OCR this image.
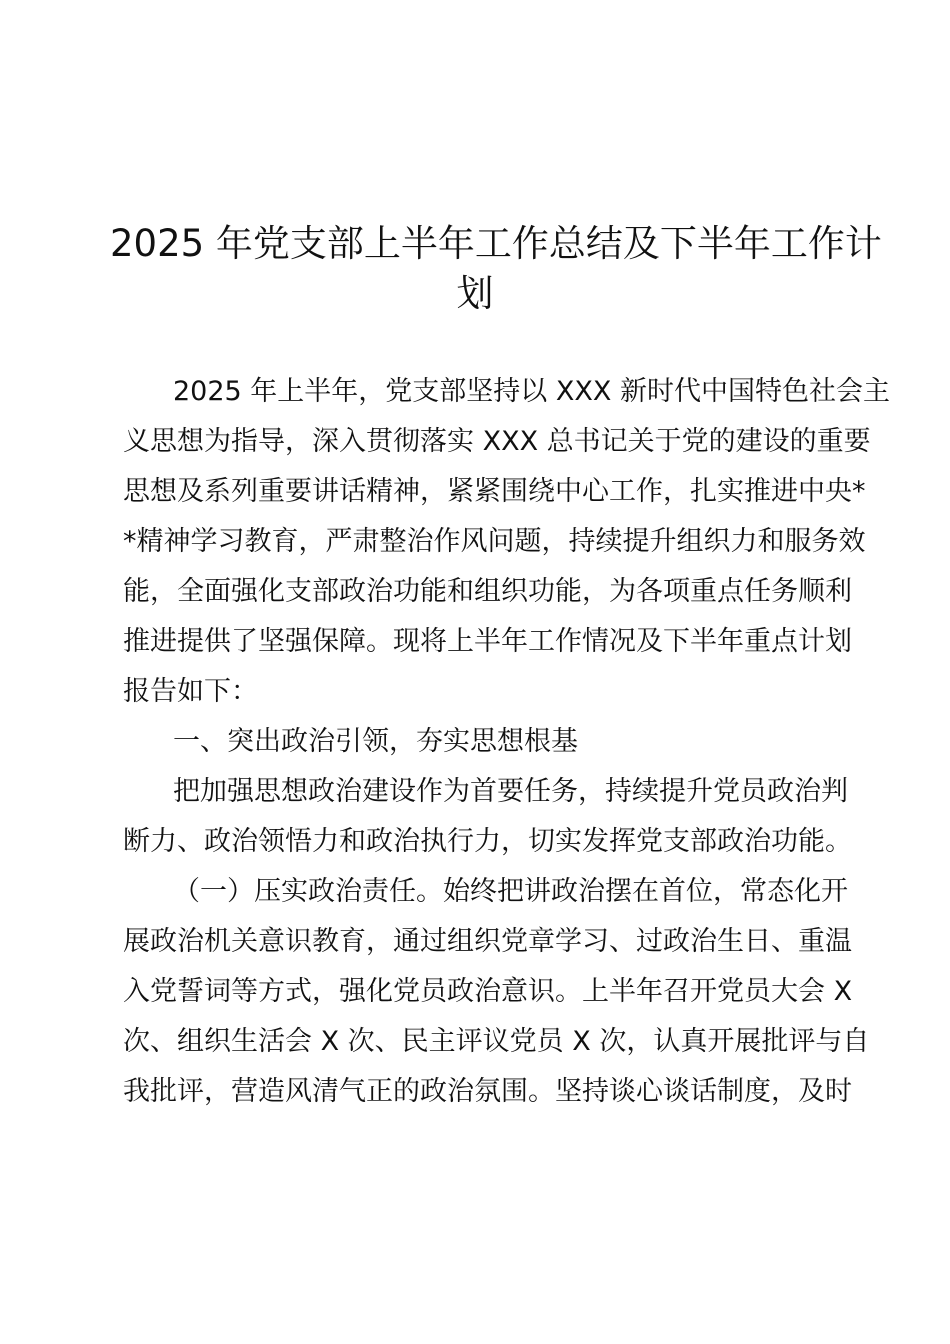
2025 年党支部上半年工作总结及下半年工作计
划
2025 年上半年，党支部坚持以 XXX 新时代中国特色社会主
义思想为指导，深入贯彻落实 XXX 总书记关于党的建设的重要
思想及系列重要讲话精神，紧紧围绕中心工作，扎实推进中央*
*精神学习教育，严肃整治作风问题，持续提升组织力和服务效
能，全面强化支部政治功能和组织功能，为各项重点任务顺利
推进提供了坚强保障。现将上半年工作情况及下半年重点计划
报告如下：
一、突出政治引领，夯实思想根基
把加强思想政治建设作为首要任务，持续提升党员政治判
断力、政治领悟力和政治执行力，切实发挥党支部政治功能。
（一）压实政治责任。始终把讲政治摆在首位，常态化开
展政治机关意识教育，通过组织党章学习、过政治生日、重温
入党誓词等方式，强化党员政治意识。上半年召开党员大会 X
次、组织生活会 X 次、民主评议党员 X 次，认真开展批评与自
我批评，营造风清气正的政治氛围。坚持谈心谈话制度，及时
